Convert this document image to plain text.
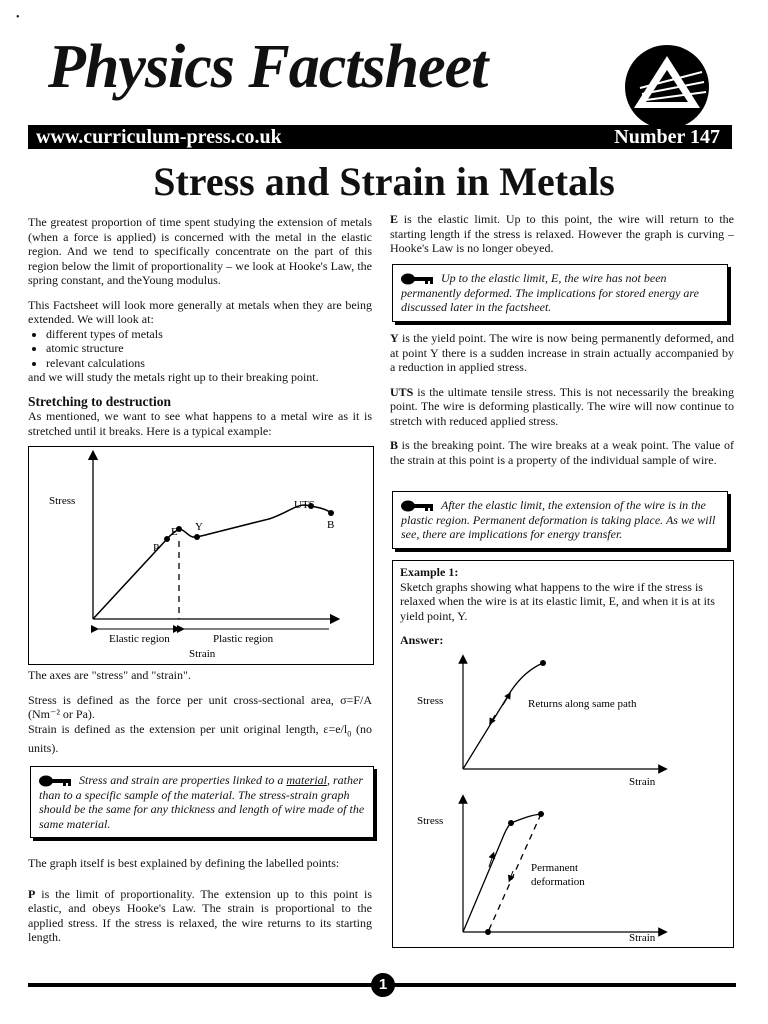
•
Physics Factsheet
www.curriculum-press.co.uk	Number 147
Stress and Strain in Metals

The greatest proportion of time spent studying the extension of metals (when a force is applied) is concerned with the metal in the elastic region. And we tend to specifically concentrate on the part of this region below the limit of proportionality – we look at Hooke's Law, the spring constant, and theYoung modulus.

This Factsheet will look more generally at metals when they are being extended. We will look at:

• different types of metals
• atomic structure
• relevant calculations

and we will study the metals right up to their breaking point.

Stretching to destruction

As mentioned, we want to see what happens to a metal wire as it is stretched until it breaks. Here is a typical example:

Stress
P
E Y
UTS
B
Elastic region	Plastic region
Strain

The axes are "stress" and "strain".

Stress is defined as the force per unit cross-sectional area, σ=F/A (Nm⁻² or Pa).
Strain is defined as the extension per unit original length, $\varepsilon=e/l_0$ (no units).

Stress and strain are properties linked to a material, rather than to a specific sample of the material. The stress-strain graph should be the same for any thickness and length of wire made of the same material.

The graph itself is best explained by defining the labelled points:

P is the limit of proportionality. The extension up to this point is elastic, and obeys Hooke's Law. The strain is proportional to the applied stress. If the stress is relaxed, the wire returns to its starting length.

E is the elastic limit. Up to this point, the wire will return to the starting length if the stress is relaxed. However the graph is curving – Hooke's Law is no longer obeyed.

Up to the elastic limit, E, the wire has not been permanently deformed. The implications for stored energy are discussed later in the factsheet.

Y is the yield point. The wire is now being permanently deformed, and at point Y there is a sudden increase in strain actually accompanied by a reduction in applied stress.

UTS is the ultimate tensile stress. This is not necessarily the breaking point. The wire is deforming plastically. The wire will now continue to stretch with reduced applied stress.

B is the breaking point. The wire breaks at a weak point. The value of the strain at this point is a property of the individual sample of wire.

After the elastic limit, the extension of the wire is in the plastic region. Permanent deformation is taking place. As we will see, there are implications for energy transfer.
Example 1:
Sketch graphs showing what happens to the wire if the stress is relaxed when the wire is at its elastic limit, E, and when it is at its yield point, Y.
Answer:
Stress
Strain
Returns along same path
Stress
Strain
Permanent
deformation
1
